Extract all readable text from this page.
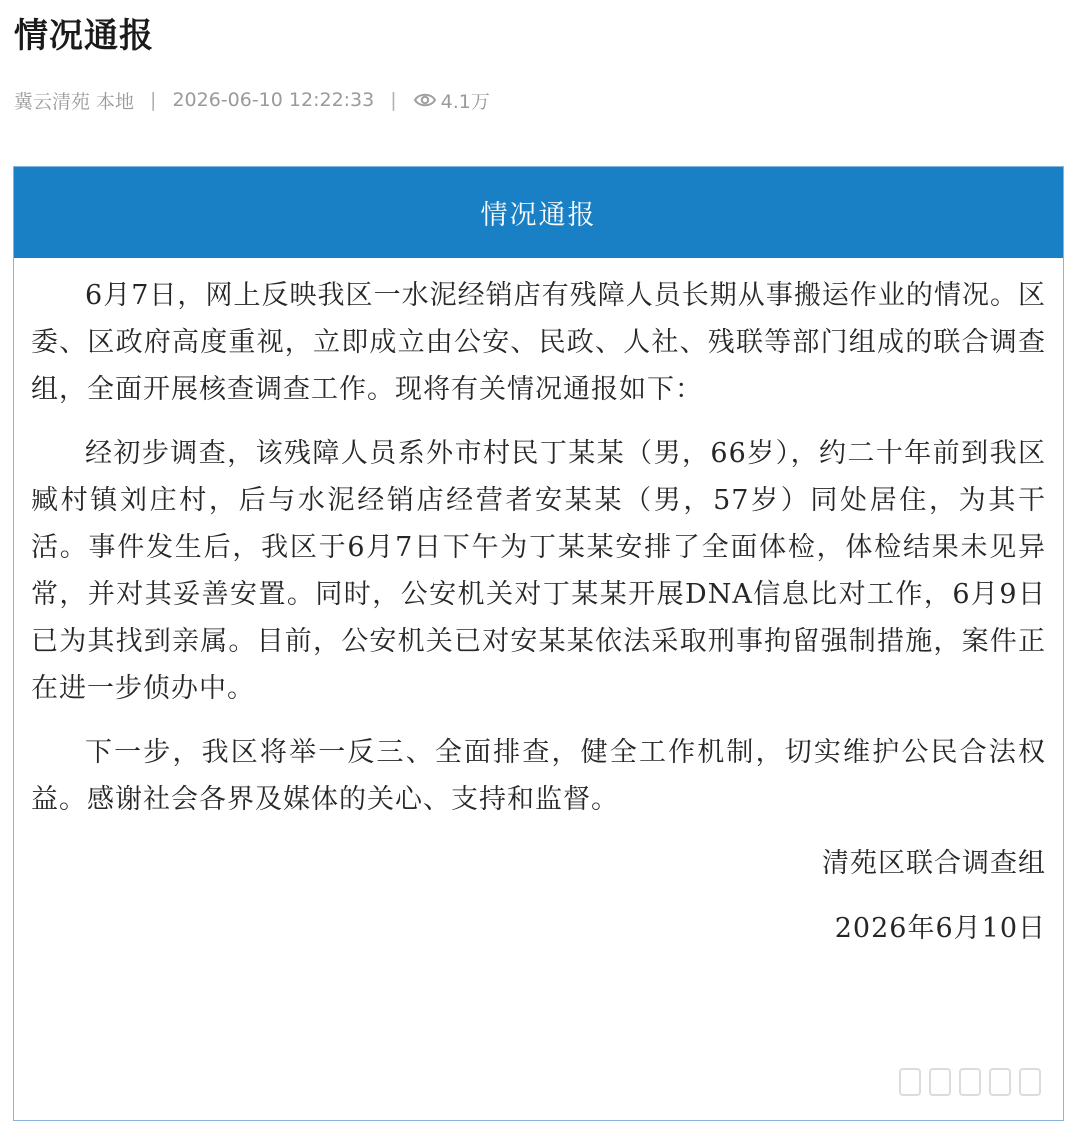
情况通报
冀云清苑 本地 | 2026-06-10 12:22:33 | 4.1万
情况通报

6月7日，网上反映我区一水泥经销店有残障人员长期从事搬运作业的情况。区委、区政府高度重视，立即成立由公安、民政、人社、残联等部门组成的联合调查组，全面开展核查调查工作。现将有关情况通报如下：

经初步调查，该残障人员系外市村民丁某某（男，66岁），约二十年前到我区臧村镇刘庄村，后与水泥经销店经营者安某某（男，57岁）同处居住，为其干活。事件发生后，我区于6月7日下午为丁某某安排了全面体检，体检结果未见异常，并对其妥善安置。同时，公安机关对丁某某开展DNA信息比对工作，6月9日已为其找到亲属。目前，公安机关已对安某某依法采取刑事拘留强制措施，案件正在进一步侦办中。

下一步，我区将举一反三、全面排查，健全工作机制，切实维护公民合法权益。感谢社会各界及媒体的关心、支持和监督。

清苑区联合调查组

2026年6月10日
